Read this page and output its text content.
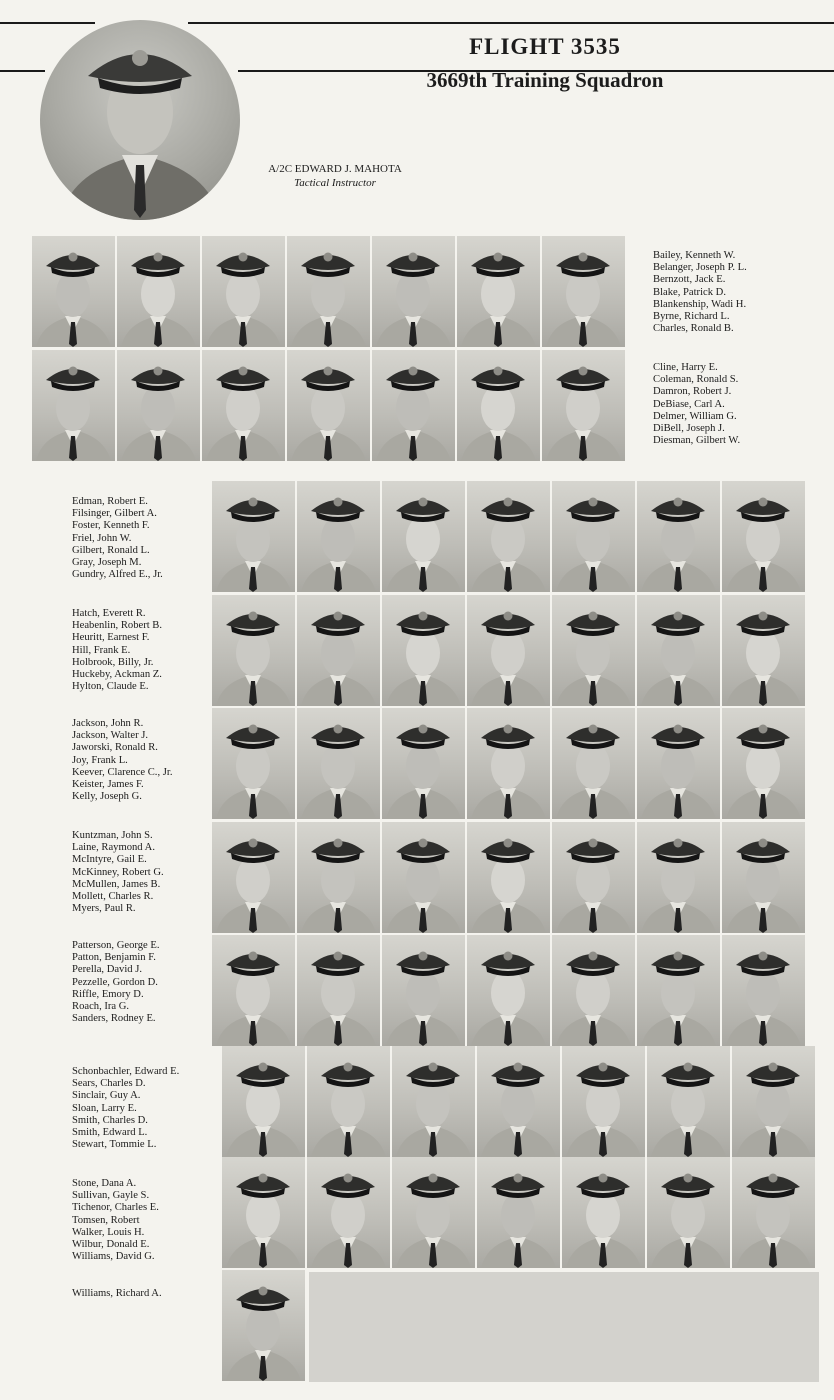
FLIGHT 3535
3669th Training Squadron
A/2C EDWARD J. MAHOTA
Tactical Instructor
Bailey, Kenneth W.
Belanger, Joseph P. L.
Bernzott, Jack E.
Blake, Patrick D.
Blankenship, Wadi H.
Byrne, Richard L.
Charles, Ronald B.
Cline, Harry E.
Coleman, Ronald S.
Damron, Robert J.
DeBiase, Carl A.
Delmer, William G.
DiBell, Joseph J.
Diesman, Gilbert W.
Edman, Robert E.
Filsinger, Gilbert A.
Foster, Kenneth F.
Friel, John W.
Gilbert, Ronald L.
Gray, Joseph M.
Gundry, Alfred E., Jr.
Hatch, Everett R.
Heabenlin, Robert B.
Heuritt, Earnest F.
Hill, Frank E.
Holbrook, Billy, Jr.
Huckeby, Ackman Z.
Hylton, Claude E.
Jackson, John R.
Jackson, Walter J.
Jaworski, Ronald R.
Joy, Frank L.
Keever, Clarence C., Jr.
Keister, James F.
Kelly, Joseph G.
Kuntzman, John S.
Laine, Raymond A.
McIntyre, Gail E.
McKinney, Robert G.
McMullen, James B.
Mollett, Charles R.
Myers, Paul R.
Patterson, George E.
Patton, Benjamin F.
Perella, David J.
Pezzelle, Gordon D.
Riffle, Emory D.
Roach, Ira G.
Sanders, Rodney E.
Schonbachler, Edward E.
Sears, Charles D.
Sinclair, Guy A.
Sloan, Larry E.
Smith, Charles D.
Smith, Edward L.
Stewart, Tommie L.
Stone, Dana A.
Sullivan, Gayle S.
Tichenor, Charles E.
Tomsen, Robert
Walker, Louis H.
Wilbur, Donald E.
Williams, David G.
Williams, Richard A.
